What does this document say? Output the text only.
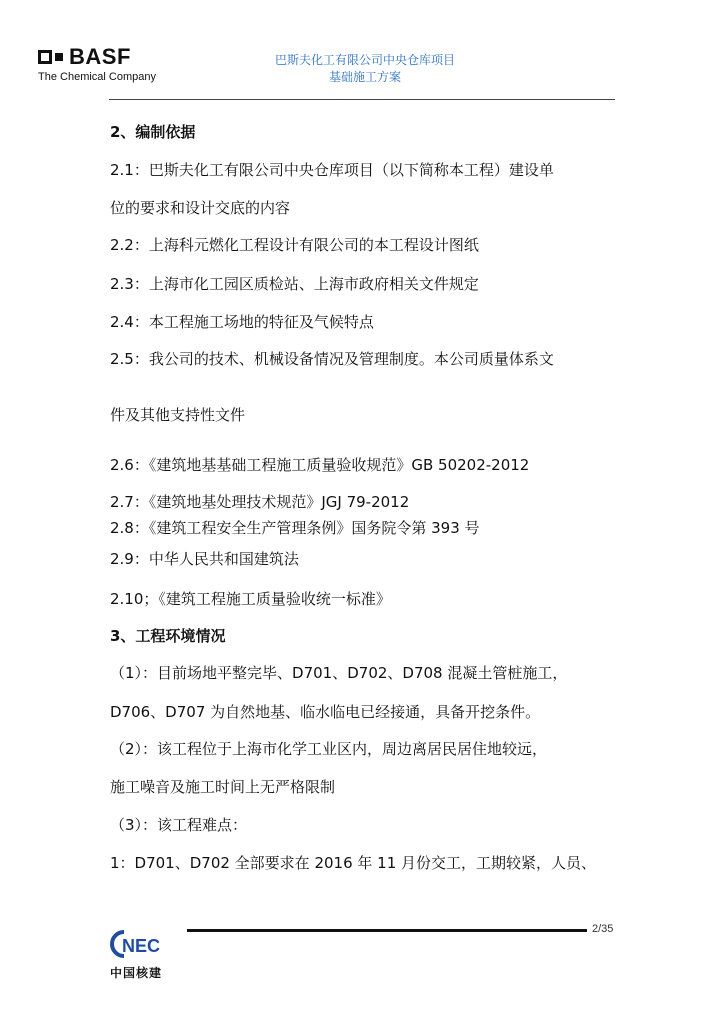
BASF
The Chemical Company
巴斯夫化工有限公司中央仓库项目
基础施工方案
2、编制依据
2.1：巴斯夫化工有限公司中央仓库项目（以下简称本工程）建设单
位的要求和设计交底的内容
2.2：上海科元燃化工程设计有限公司的本工程设计图纸
2.3：上海市化工园区质检站、上海市政府相关文件规定
2.4：本工程施工场地的特征及气候特点
2.5：我公司的技术、机械设备情况及管理制度。本公司质量体系文
件及其他支持性文件
2.6：《建筑地基基础工程施工质量验收规范》GB 50202-2012
2.7：《建筑地基处理技术规范》JGJ 79-2012
2.8：《建筑工程安全生产管理条例》国务院令第 393 号
2.9：中华人民共和国建筑法
2.10；《建筑工程施工质量验收统一标准》
3、工程环境情况
（1）：目前场地平整完毕、D701、D702、D708 混凝土管桩施工，
D706、D707 为自然地基、临水临电已经接通，具备开挖条件。
（2）：该工程位于上海市化学工业区内，周边离居民居住地较远，
施工噪音及施工时间上无严格限制
（3）：该工程难点：
1：D701、D702 全部要求在 2016 年 11 月份交工，工期较紧，人员、
NEC
中国核建
2/35
